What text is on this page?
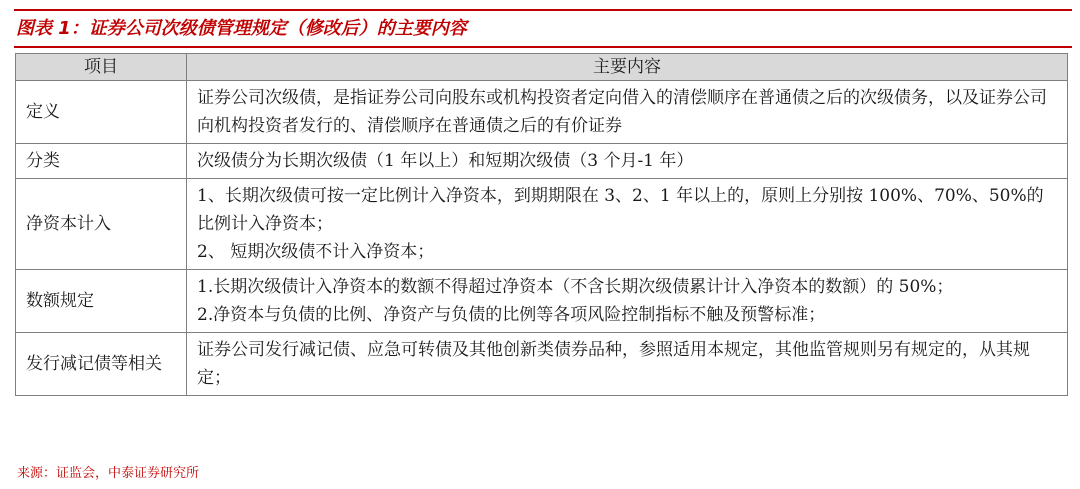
图表 1：证券公司次级债管理规定（修改后）的主要内容
项目	主要内容
定义	证券公司次级债，是指证券公司向股东或机构投资者定向借入的清偿顺序在普通债之后的次级债务，以及证券公司向机构投资者发行的、清偿顺序在普通债之后的有价证券

分类	次级债分为长期次级债（1 年以上）和短期次级债（3 个月-1 年）

净资本计入	1、长期次级债可按一定比例计入净资本，到期期限在 3、2、1 年以上的，原则上分别按 100%、70%、50%的比例计入净资本；
2、 短期次级债不计入净资本；

数额规定	1.长期次级债计入净资本的数额不得超过净资本（不含长期次级债累计计入净资本的数额）的 50%；
2.净资本与负债的比例、净资产与负债的比例等各项风险控制指标不触及预警标准；

发行减记债等相关	证券公司发行减记债、应急可转债及其他创新类债券品种，参照适用本规定，其他监管规则另有规定的，从其规定；
来源：证监会，中泰证券研究所
